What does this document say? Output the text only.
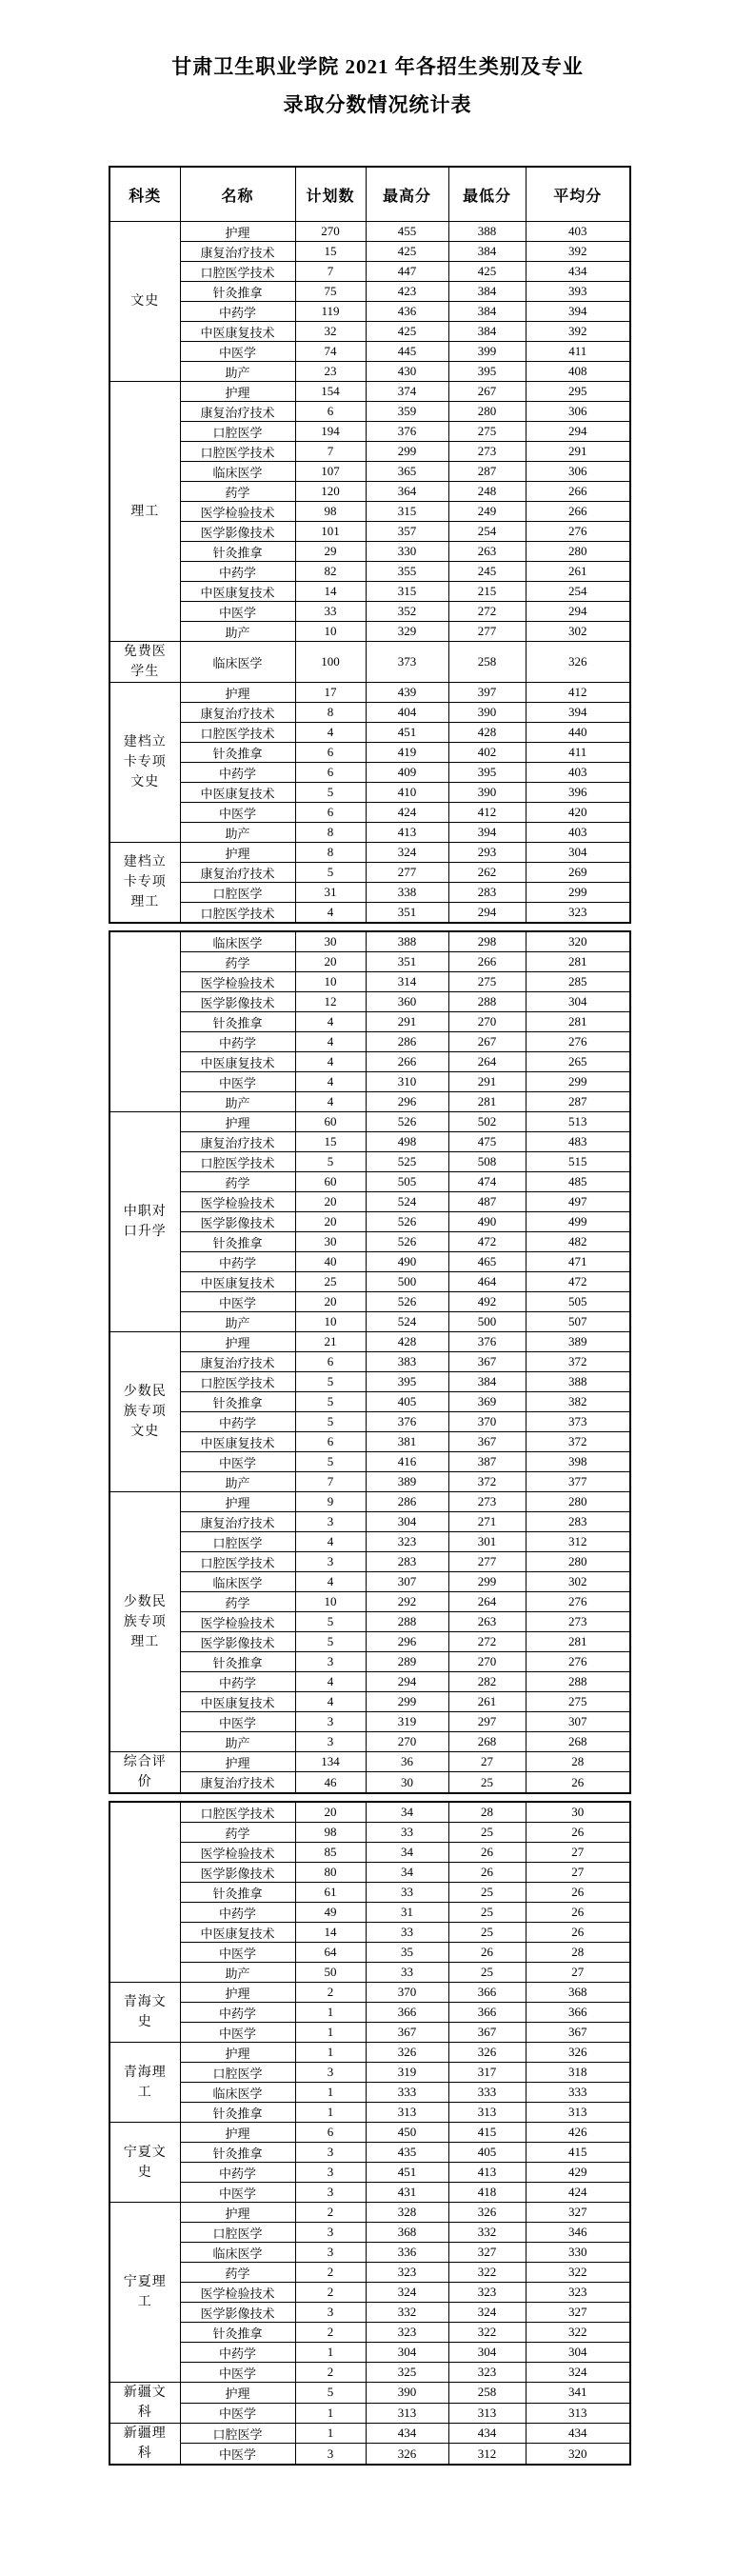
甘肃卫生职业学院 2021 年各招生类别及专业
录取分数情况统计表
科类	名称	计划数	最高分	最低分	平均分
文史	护理	270	455	388	403
	康复治疗技术	15	425	384	392
	口腔医学技术	7	447	425	434
	针灸推拿	75	423	384	393
	中药学	119	436	384	394
	中医康复技术	32	425	384	392
	中医学	74	445	399	411
	助产	23	430	395	408
理工	护理	154	374	267	295
	康复治疗技术	6	359	280	306
	口腔医学	194	376	275	294
	口腔医学技术	7	299	273	291
	临床医学	107	365	287	306
	药学	120	364	248	266
	医学检验技术	98	315	249	266
	医学影像技术	101	357	254	276
	针灸推拿	29	330	263	280
	中药学	82	355	245	261
	中医康复技术	14	315	215	254
	中医学	33	352	272	294
	助产	10	329	277	302
免费医学生	临床医学	100	373	258	326
建档立卡专项文史	护理	17	439	397	412
	康复治疗技术	8	404	390	394
	口腔医学技术	4	451	428	440
	针灸推拿	6	419	402	411
	中药学	6	409	395	403
	中医康复技术	5	410	390	396
	中医学	6	424	412	420
	助产	8	413	394	403
建档立卡专项理工	护理	8	324	293	304
	康复治疗技术	5	277	262	269
	口腔医学	31	338	283	299
	口腔医学技术	4	351	294	323
	临床医学	30	388	298	320
	药学	20	351	266	281
	医学检验技术	10	314	275	285
	医学影像技术	12	360	288	304
	针灸推拿	4	291	270	281
	中药学	4	286	267	276
	中医康复技术	4	266	264	265
	中医学	4	310	291	299
	助产	4	296	281	287
中职对口升学	护理	60	526	502	513
	康复治疗技术	15	498	475	483
	口腔医学技术	5	525	508	515
	药学	60	505	474	485
	医学检验技术	20	524	487	497
	医学影像技术	20	526	490	499
	针灸推拿	30	526	472	482
	中药学	40	490	465	471
	中医康复技术	25	500	464	472
	中医学	20	526	492	505
	助产	10	524	500	507
少数民族专项文史	护理	21	428	376	389
	康复治疗技术	6	383	367	372
	口腔医学技术	5	395	384	388
	针灸推拿	5	405	369	382
	中药学	5	376	370	373
	中医康复技术	6	381	367	372
	中医学	5	416	387	398
	助产	7	389	372	377
少数民族专项理工	护理	9	286	273	280
	康复治疗技术	3	304	271	283
	口腔医学	4	323	301	312
	口腔医学技术	3	283	277	280
	临床医学	4	307	299	302
	药学	10	292	264	276
	医学检验技术	5	288	263	273
	医学影像技术	5	296	272	281
	针灸推拿	3	289	270	276
	中药学	4	294	282	288
	中医康复技术	4	299	261	275
	中医学	3	319	297	307
	助产	3	270	268	268
综合评价	护理	134	36	27	28
	康复治疗技术	46	30	25	26
	口腔医学技术	20	34	28	30
	药学	98	33	25	26
	医学检验技术	85	34	26	27
	医学影像技术	80	34	26	27
	针灸推拿	61	33	25	26
	中药学	49	31	25	26
	中医康复技术	14	33	25	26
	中医学	64	35	26	28
	助产	50	33	25	27
青海文史	护理	2	370	366	368
	中药学	1	366	366	366
	中医学	1	367	367	367
青海理工	护理	1	326	326	326
	口腔医学	3	319	317	318
	临床医学	1	333	333	333
	针灸推拿	1	313	313	313
宁夏文史	护理	6	450	415	426
	针灸推拿	3	435	405	415
	中药学	3	451	413	429
	中医学	3	431	418	424
宁夏理工	护理	2	328	326	327
	口腔医学	3	368	332	346
	临床医学	3	336	327	330
	药学	2	323	322	322
	医学检验技术	2	324	323	323
	医学影像技术	3	332	324	327
	针灸推拿	2	323	322	322
	中药学	1	304	304	304
	中医学	2	325	323	324
新疆文科	护理	5	390	258	341
	中医学	1	313	313	313
新疆理科	口腔医学	1	434	434	434
	中医学	3	326	312	320
